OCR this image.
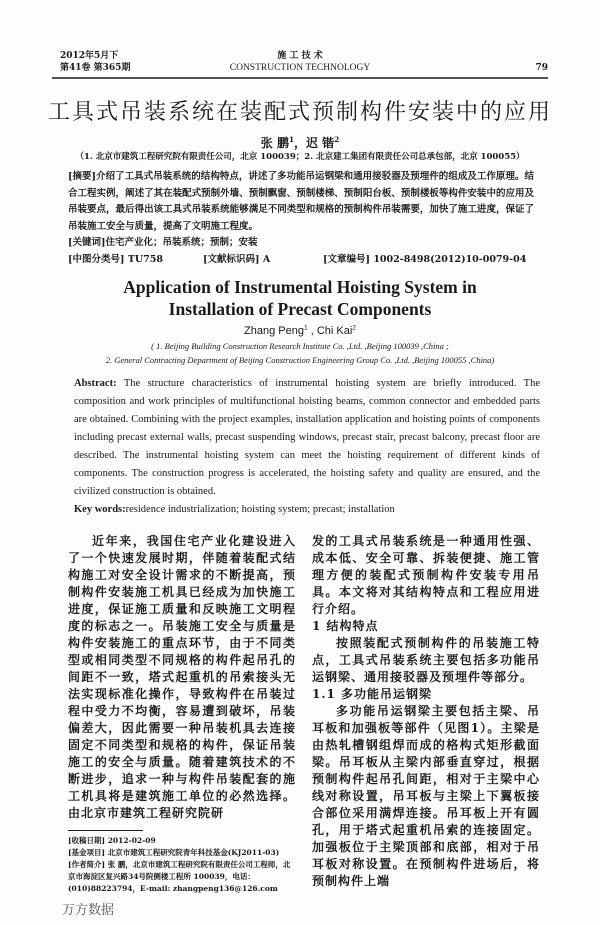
2012年5月下
第41卷 第365期
施 工 技 术
CONSTRUCTION TECHNOLOGY	79
工具式吊装系统在装配式预制构件安装中的应用
张 鹏$^1$，迟 锴$^2$
（1. 北京市建筑工程研究院有限责任公司，北京 100039；2. 北京建工集团有限责任公司总承包部，北京 100055）
[摘要]介绍了工具式吊装系统的结构特点，讲述了多功能吊运钢梁和通用接驳器及预埋件的组成及工作原理。结合工程实例，阐述了其在装配式预制外墙、预制飘窗、预制楼梯、预制阳台板、预制楼板等构件安装中的应用及吊装要点，最后得出该工具式吊装系统能够满足不同类型和规格的预制构件吊装需要，加快了施工进度，保证了吊装施工安全与质量，提高了文明施工程度。
[关键词]住宅产业化；吊装系统；预制；安装
[中图分类号] TU758	[文献标识码] A	[文章编号] 1002-8498(2012)10-0079-04
Application of Instrumental Hoisting System in
Installation of Precast Components
Zhang Peng$^1$ , Chi Kai$^2$
( 1. Beijing Building Construction Research Institute Co. ,Ltd. ,Beijing 100039 ,China ;
2. General Contracting Department of Beijing Construction Engineering Group Co. ,Ltd. ,Beijing 100055 ,China)
Abstract: The structure characteristics of instrumental hoisting system are briefly introduced. The composition and work principles of multifunctional hoisting beams, common connector and embedded parts are obtained. Combining with the project examples, installation application and hoisting points of components including precast external walls, precast suspending windows, precast stair, precast balcony, precast floor are described. The instrumental hoisting system can meet the hoisting requirement of different kinds of components. The construction progress is accelerated, the hoisting safety and quality are ensured, and the civilized construction is obtained.
Key words:residence industrialization; hoisting system; precast; installation

近年来，我国住宅产业化建设进入了一个快速发展时期，伴随着装配式结构施工对安全设计需求的不断提高，预制构件安装施工机具已经成为加快施工进度，保证施工质量和反映施工文明程度的标志之一。吊装施工安全与质量是构件安装施工的重点环节，由于不同类型或相同类型不同规格的构件起吊孔的间距不一致，塔式起重机的吊索接头无法实现标准化操作，导致构件在吊装过程中受力不均衡，容易遭到破坏，吊装偏差大，因此需要一种吊装机具去连接固定不同类型和规格的构件，保证吊装施工的安全与质量。随着建筑技术的不断进步，追求一种与构件吊装配套的施工机具将是建筑施工单位的必然选择。由北京市建筑工程研究院研

[收稿日期] 2012-02-09
[基金项目] 北京市建筑工程研究院青年科技基金(KJ2011-03)
[作者简介] 张 鹏，北京市建筑工程研究院有限责任公司工程师，北京市海淀区复兴路34号院侧楼工程所 100039，电话：(010)88223794，E-mail: zhangpeng136@126.com
万方数据

发的工具式吊装系统是一种通用性强、成本低、安全可靠、拆装便捷、施工管理方便的装配式预制构件安装专用吊具。本文将对其结构特点和工程应用进行介绍。

1 结构特点

按照装配式预制构件的吊装施工特点，工具式吊装系统主要包括多功能吊运钢梁、通用接驳器及预埋件等部分。

1.1 多功能吊运钢梁

多功能吊运钢梁主要包括主梁、吊耳板和加强板等部件（见图1）。主梁是由热轧槽钢组焊而成的格构式矩形截面梁。吊耳板从主梁内部垂直穿过，根据预制构件起吊孔间距，相对于主梁中心线对称设置，吊耳板与主梁上下翼板接合部位采用满焊连接。吊耳板上开有圆孔，用于塔式起重机吊索的连接固定。加强板位于主梁顶部和底部，相对于吊耳板对称设置。在预制构件进场后，将预制构件上端
